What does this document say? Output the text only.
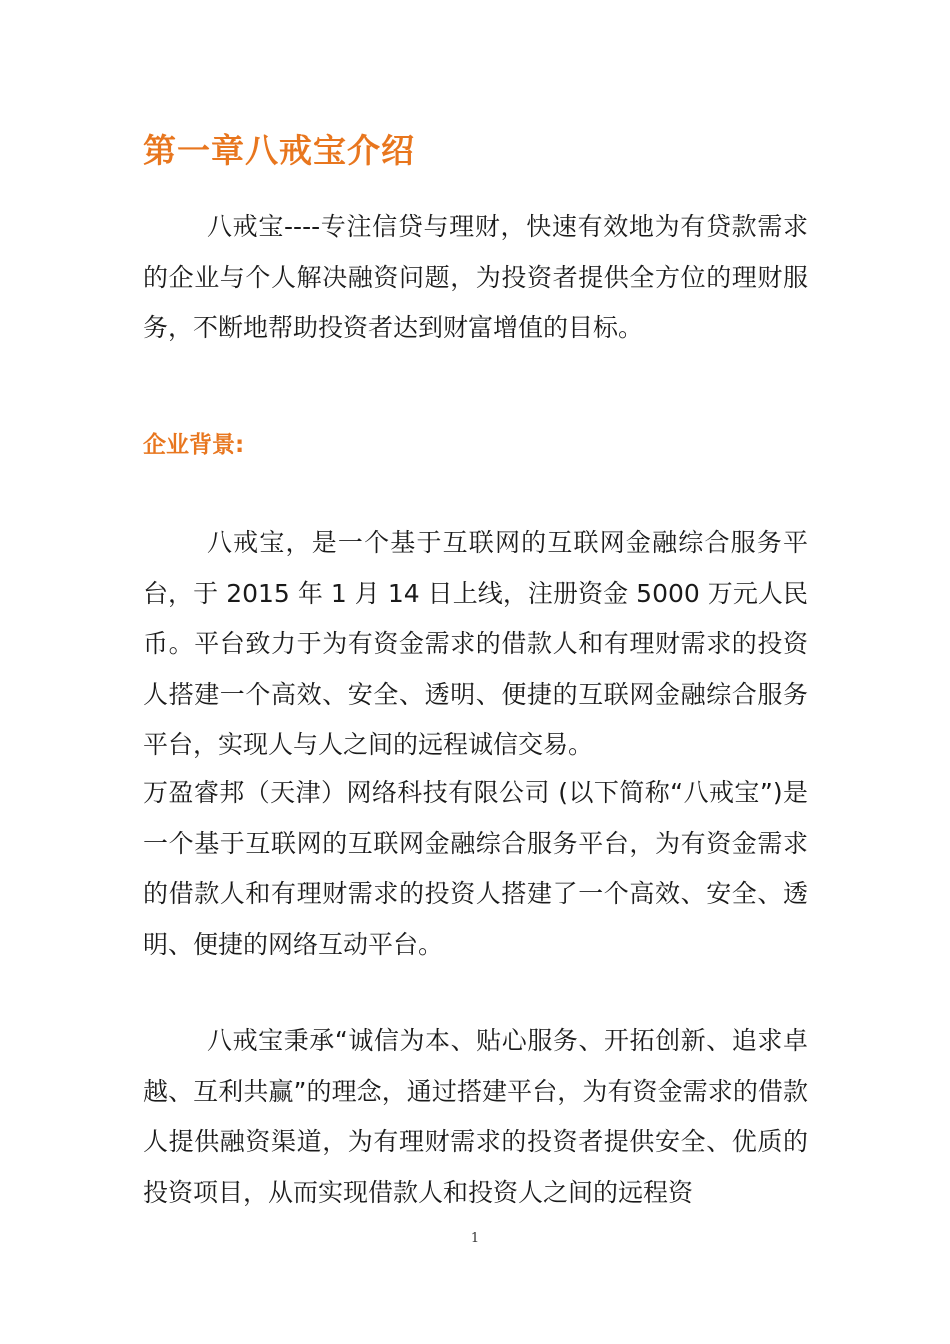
第一章八戒宝介绍

八戒宝----专注信贷与理财，快速有效地为有贷款需求的企业与个人解决融资问题，为投资者提供全方位的理财服务，不断地帮助投资者达到财富增值的目标。

企业背景:

八戒宝，是一个基于互联网的互联网金融综合服务平台，于 2015 年 1 月 14 日上线，注册资金 5000 万元人民币。平台致力于为有资金需求的借款人和有理财需求的投资人搭建一个高效、安全、透明、便捷的互联网金融综合服务平台，实现人与人之间的远程诚信交易。

万盈睿邦（天津）网络科技有限公司 (以下简称“八戒宝”)是一个基于互联网的互联网金融综合服务平台，为有资金需求的借款人和有理财需求的投资人搭建了一个高效、安全、透明、便捷的网络互动平台。

八戒宝秉承“诚信为本、贴心服务、开拓创新、追求卓越、互利共赢”的理念，通过搭建平台，为有资金需求的借款人提供融资渠道，为有理财需求的投资者提供安全、优质的投资项目，从而实现借款人和投资人之间的远程资

1
